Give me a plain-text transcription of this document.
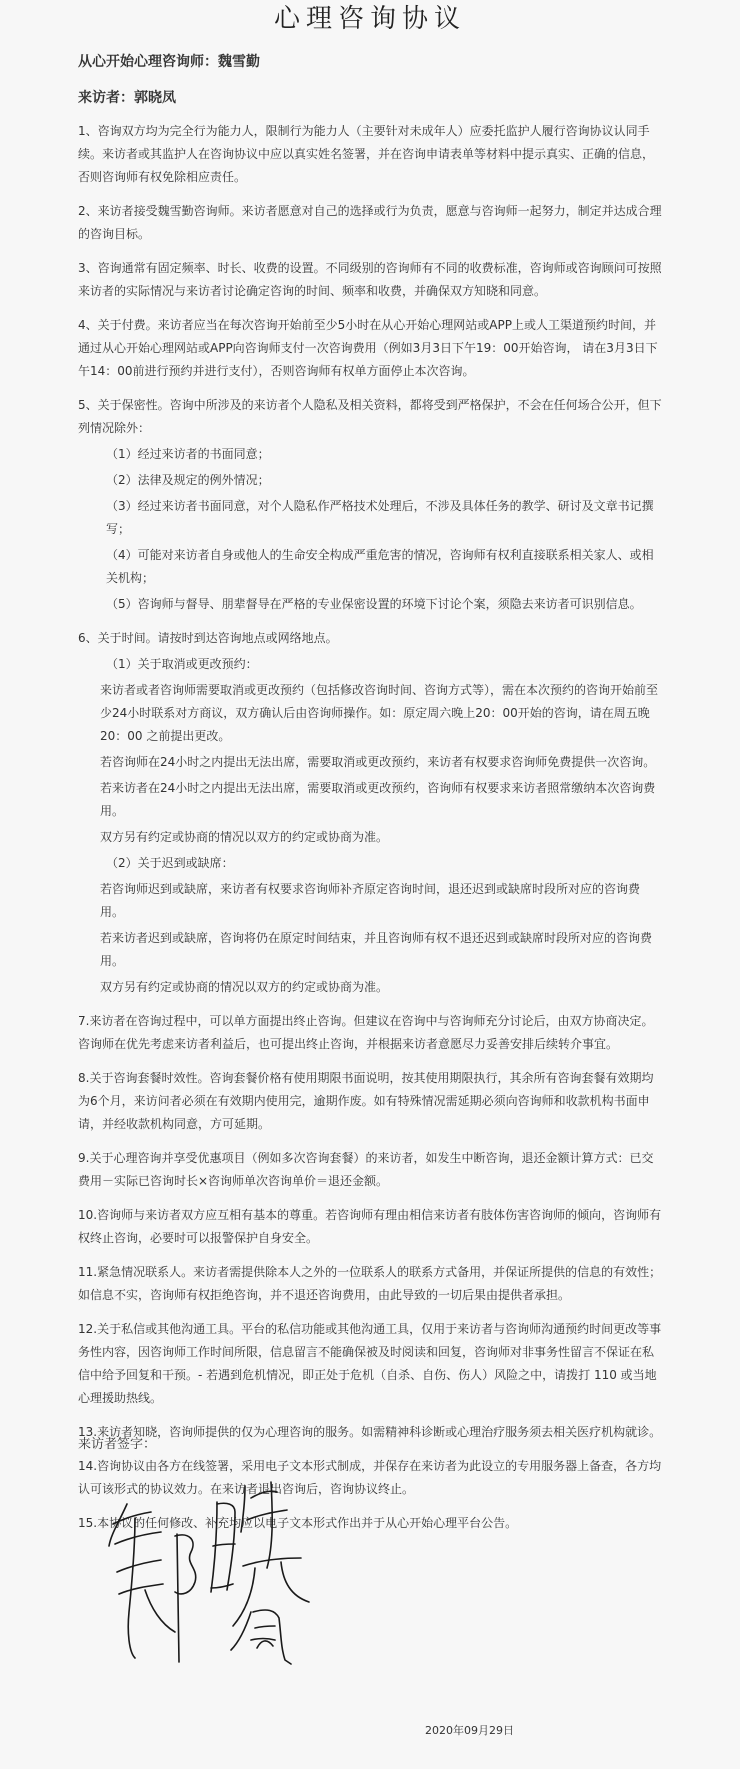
心理咨询协议
从心开始心理咨询师：魏雪勤
来访者：郭晓凤

1、咨询双方均为完全行为能力人，限制行为能力人（主要针对未成年人）应委托监护人履行咨询协议认同手续。来访者或其监护人在咨询协议中应以真实姓名签署，并在咨询申请表单等材料中提示真实、正确的信息，否则咨询师有权免除相应责任。

2、来访者接受魏雪勤咨询师。来访者愿意对自己的选择或行为负责，愿意与咨询师一起努力，制定并达成合理的咨询目标。

3、咨询通常有固定频率、时长、收费的设置。不同级别的咨询师有不同的收费标准，咨询师或咨询顾问可按照来访者的实际情况与来访者讨论确定咨询的时间、频率和收费，并确保双方知晓和同意。

4、关于付费。来访者应当在每次咨询开始前至少5小时在从心开始心理网站或APP上或人工渠道预约时间，并通过从心开始心理网站或APP向咨询师支付一次咨询费用（例如3月3日下午19：00开始咨询， 请在3月3日下午14：00前进行预约并进行支付），否则咨询师有权单方面停止本次咨询。

5、关于保密性。咨询中所涉及的来访者个人隐私及相关资料，都将受到严格保护，不会在任何场合公开，但下列情况除外：

（1）经过来访者的书面同意；

（2）法律及规定的例外情况；

（3）经过来访者书面同意，对个人隐私作严格技术处理后，不涉及具体任务的教学、研讨及文章书记撰写；

（4）可能对来访者自身或他人的生命安全构成严重危害的情况，咨询师有权利直接联系相关家人、或相关机构；

（5）咨询师与督导、朋辈督导在严格的专业保密设置的环境下讨论个案，须隐去来访者可识别信息。

6、关于时间。请按时到达咨询地点或网络地点。

（1）关于取消或更改预约：

来访者或者咨询师需要取消或更改预约（包括修改咨询时间、咨询方式等），需在本次预约的咨询开始前至少24小时联系对方商议，双方确认后由咨询师操作。如：原定周六晚上20：00开始的咨询，请在周五晚 20：00 之前提出更改。

若咨询师在24小时之内提出无法出席，需要取消或更改预约，来访者有权要求咨询师免费提供一次咨询。

若来访者在24小时之内提出无法出席，需要取消或更改预约，咨询师有权要求来访者照常缴纳本次咨询费用。

双方另有约定或协商的情况以双方的约定或协商为准。

（2）关于迟到或缺席：

若咨询师迟到或缺席，来访者有权要求咨询师补齐原定咨询时间，退还迟到或缺席时段所对应的咨询费用。

若来访者迟到或缺席，咨询将仍在原定时间结束，并且咨询师有权不退还迟到或缺席时段所对应的咨询费用。

双方另有约定或协商的情况以双方的约定或协商为准。

7.来访者在咨询过程中，可以单方面提出终止咨询。但建议在咨询中与咨询师充分讨论后，由双方协商决定。咨询师在优先考虑来访者利益后，也可提出终止咨询，并根据来访者意愿尽力妥善安排后续转介事宜。

8.关于咨询套餐时效性。咨询套餐价格有使用期限书面说明，按其使用期限执行，其余所有咨询套餐有效期均为6个月，来访问者必须在有效期内使用完，逾期作废。如有特殊情况需延期必须向咨询师和收款机构书面申请，并经收款机构同意，方可延期。

9.关于心理咨询并享受优惠项目（例如多次咨询套餐）的来访者，如发生中断咨询，退还金额计算方式：已交费用－实际已咨询时长×咨询师单次咨询单价＝退还金额。

10.咨询师与来访者双方应互相有基本的尊重。若咨询师有理由相信来访者有肢体伤害咨询师的倾向，咨询师有权终止咨询，必要时可以报警保护自身安全。

11.紧急情况联系人。来访者需提供除本人之外的一位联系人的联系方式备用，并保证所提供的信息的有效性；如信息不实，咨询师有权拒绝咨询，并不退还咨询费用，由此导致的一切后果由提供者承担。

12.关于私信或其他沟通工具。平台的私信功能或其他沟通工具，仅用于来访者与咨询师沟通预约时间更改等事务性内容，因咨询师工作时间所限，信息留言不能确保被及时阅读和回复，咨询师对非事务性留言不保证在私信中给予回复和干预。- 若遇到危机情况，即正处于危机（自杀、自伤、伤人）风险之中，请拨打 110 或当地心理援助热线。

13.来访者知晓，咨询师提供的仅为心理咨询的服务。如需精神科诊断或心理治疗服务须去相关医疗机构就诊。

14.咨询协议由各方在线签署，采用电子文本形式制成，并保存在来访者为此设立的专用服务器上备查，各方均认可该形式的协议效力。在来访者退出咨询后，咨询协议终止。

15.本协议的任何修改、补充均应以电子文本形式作出并于从心开始心理平台公告。

来访者签字：
2020年09月29日
